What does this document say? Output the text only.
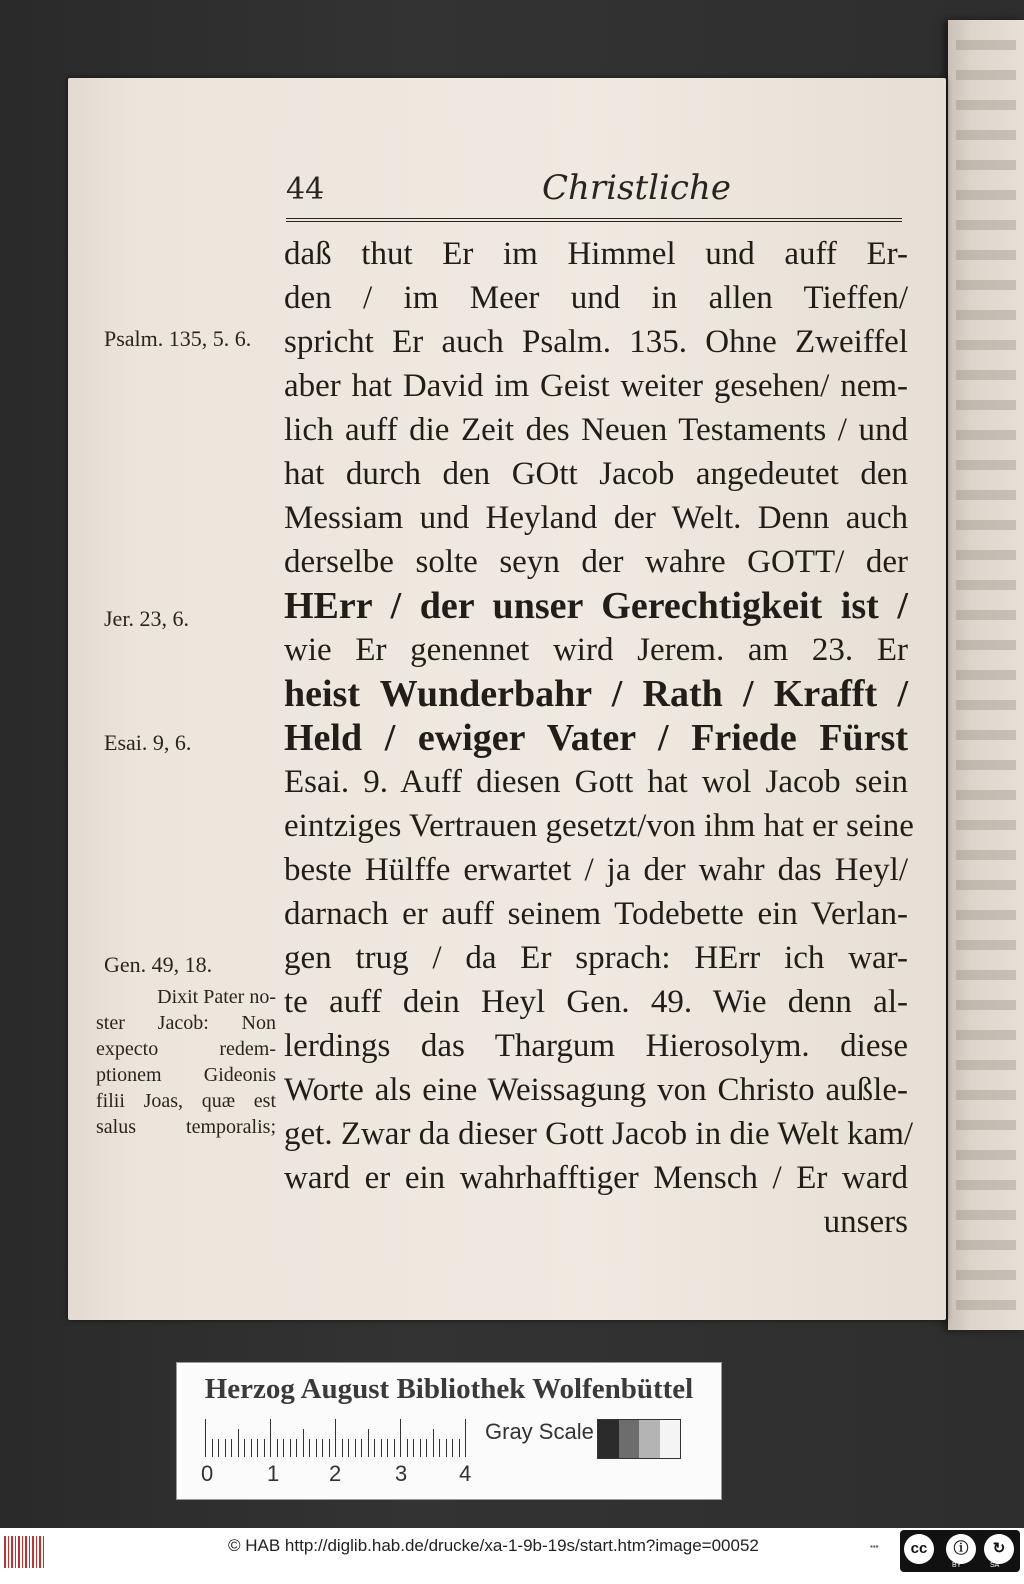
44	Christliche
daß thut Er im Himmel und auff Er-
den / im Meer und in allen Tieffen/
spricht Er auch Psalm. 135. Ohne Zweiffel
aber hat David im Geist weiter gesehen/ nem-
lich auff die Zeit des Neuen Testaments / und
hat durch den GOtt Jacob angedeutet den
Messiam und Heyland der Welt. Denn auch
derselbe solte seyn der wahre GOTT/ der
HErr / der unser Gerechtigkeit ist /
wie Er genennet wird Jerem. am 23. Er
heist Wunderbahr / Rath / Krafft /
Held / ewiger Vater / Friede Fürst
Esai. 9. Auff diesen Gott hat wol Jacob sein
eintziges Vertrauen gesetzt/von ihm hat er seine
beste Hülffe erwartet / ja der wahr das Heyl/
darnach er auff seinem Todebette ein Verlan-
gen trug / da Er sprach: HErr ich war-
te auff dein Heyl Gen. 49. Wie denn al-
lerdings das Thargum Hierosolym. diese
Worte als eine Weissagung von Christo außle-
get. Zwar da dieser Gott Jacob in die Welt kam/
ward er ein wahrhafftiger Mensch / Er ward
unsers
Psalm. 135, 5. 6.
Jer. 23, 6.
Esai. 9, 6.
Gen. 49, 18.
Dixit Pater no-
ster Jacob: Non
expecto redem-
ptionem Gideonis
filii Joas, quæ est
salus temporalis;
Herzog August Bibliothek Wolfenbüttel
0 1 2 3 4
Gray Scale
© HAB http://diglib.hab.de/drucke/xa-1-9b-19s/start.htm?image=00052	▪▪▪	cc	ⓘ	↻
BY	SA
